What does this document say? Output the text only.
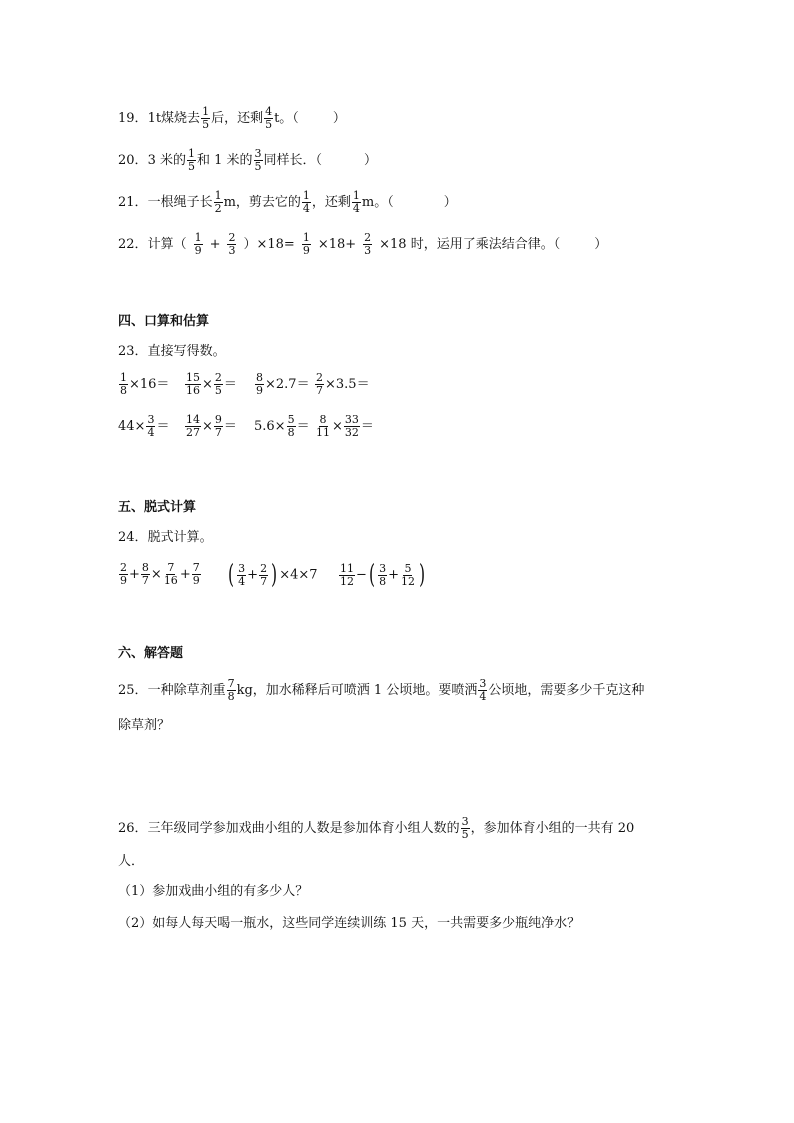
19．1t煤烧去 $\frac{1}{5}$ 后，还剩 $\frac{4}{5}$ t。（	）
20．3 米的 $\frac{1}{5}$ 和 1 米的 $\frac{3}{5}$ 同样长．（	）
21．一根绳子长 $\frac{1}{2}$ m，剪去它的 $\frac{1}{4}$ ，还剩 $\frac{1}{4}$ m。（	）
22．计算（ $\frac{1}{9} + \frac{2}{3} )\times 18= \frac{1}{9} \times 18+ \frac{2}{3} \times 18$ 时，运用了乘法结合律。（	）
四、口算和估算
23．直接写得数。
$\frac{1}{8} \times 16= \frac{15}{16} \times \frac{2}{5} = \frac{8}{9} \times 2.7= \frac{2}{7} \times 3.5=$
$44\times \frac{3}{4} = \frac{14}{27} \times \frac{9}{7} = 5.6\times \frac{5}{8} = \frac{8}{11} \times \frac{33}{32}$ ＝
五、脱式计算
24．脱式计算。
$\frac{2}{9} + \frac{8}{7} \times \frac{7}{16} + \frac{7}{9}$ ( $\frac{3}{4} + \frac{2}{7}$ ) $\times 4\times 7 \frac{11}{12}$ −( $\frac{3}{8} + \frac{5}{12}$ )
六、解答题
25．一种除草剂重 $\frac{7}{8}$ kg，加水稀释后可喷洒 1 公顷地。要喷洒 $\frac{3}{4}$ 公顷地，需要多少千克这种
除草剂？
26．三年级同学参加戏曲小组的人数是参加体育小组人数的 $\frac{3}{5}$ ，参加体育小组的一共有 20
人．
（1）参加戏曲小组的有多少人？
（2）如每人每天喝一瓶水，这些同学连续训练 15 天，一共需要多少瓶纯净水？
